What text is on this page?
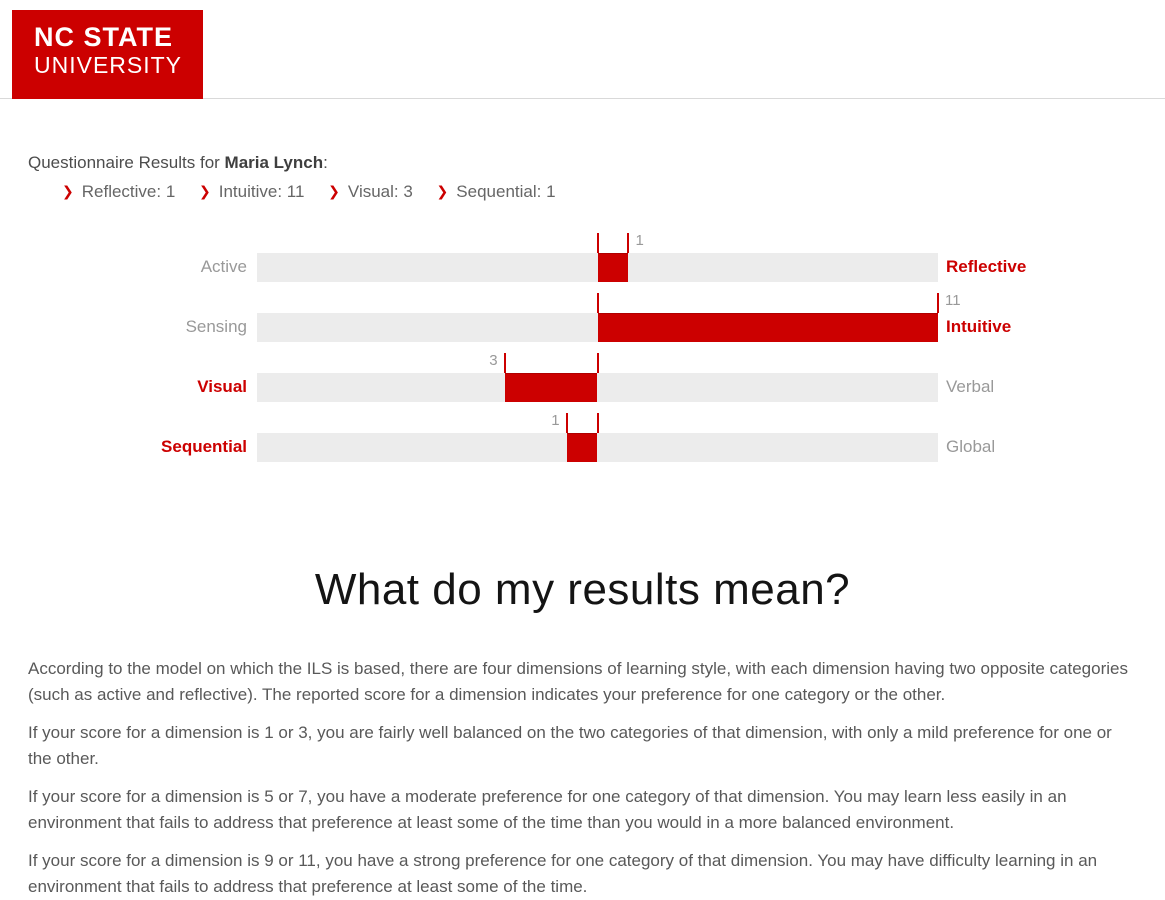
NC STATE
UNIVERSITY

Questionnaire Results for Maria Lynch:

❯ Reflective: 1 ❯ Intuitive: 11 ❯ Visual: 3 ❯ Sequential: 1
Active
1
Reflective
Sensing
11
Intuitive
Visual
3
Verbal
Sequential
1
Global
What do my results mean?

According to the model on which the ILS is based, there are four dimensions of learning style, with each dimension having two opposite categories (such as active and reflective). The reported score for a dimension indicates your preference for one category or the other.

If your score for a dimension is 1 or 3, you are fairly well balanced on the two categories of that dimension, with only a mild preference for one or the other.

If your score for a dimension is 5 or 7, you have a moderate preference for one category of that dimension. You may learn less easily in an environment that fails to address that preference at least some of the time than you would in a more balanced environment.

If your score for a dimension is 9 or 11, you have a strong preference for one category of that dimension. You may have difficulty learning in an environment that fails to address that preference at least some of the time.
